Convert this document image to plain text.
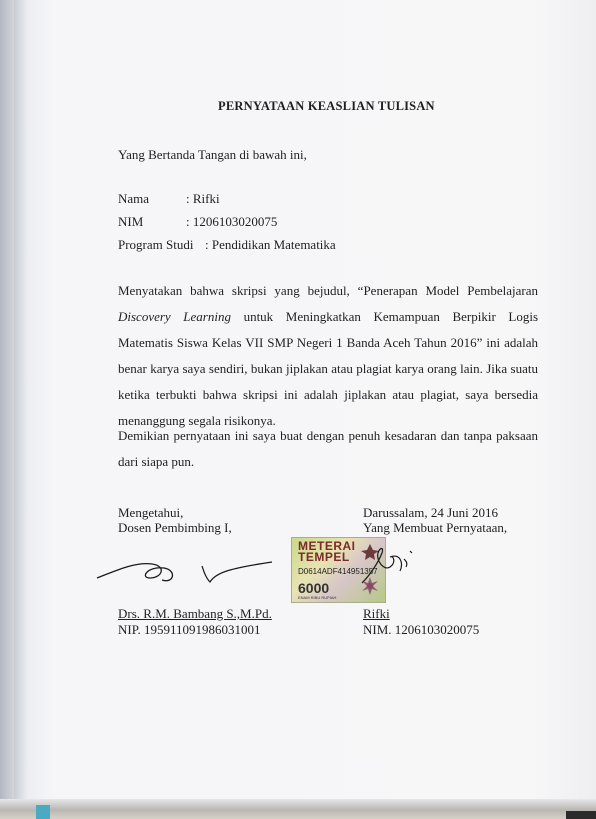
PERNYATAAN KEASLIAN TULISAN
Yang Bertanda Tangan di bawah ini,
Nama	: Rifki
NIM	: 1206103020075
Program Studi : Pendidikan Matematika
Menyatakan bahwa skripsi yang bejudul, “Penerapan Model Pembelajaran Discovery Learning untuk Meningkatkan Kemampuan Berpikir Logis Matematis Siswa Kelas VII SMP Negeri 1 Banda Aceh Tahun 2016” ini adalah benar karya saya sendiri, bukan jiplakan atau plagiat karya orang lain. Jika suatu ketika terbukti bahwa skripsi ini adalah jiplakan atau plagiat, saya bersedia menanggung segala risikonya.
Demikian pernyataan ini saya buat dengan penuh kesadaran dan tanpa paksaan dari siapa pun.
Mengetahui,
Dosen Pembimbing I,
Darussalam, 24 Juni 2016
Yang Membuat Pernyataan,
METERAI
TEMPEL
D0614ADF414951357
6000
ENAM RIBU RUPIAH
Drs. R.M. Bambang S.,M.Pd.
NIP. 195911091986031001
Rifki
NIM. 1206103020075
